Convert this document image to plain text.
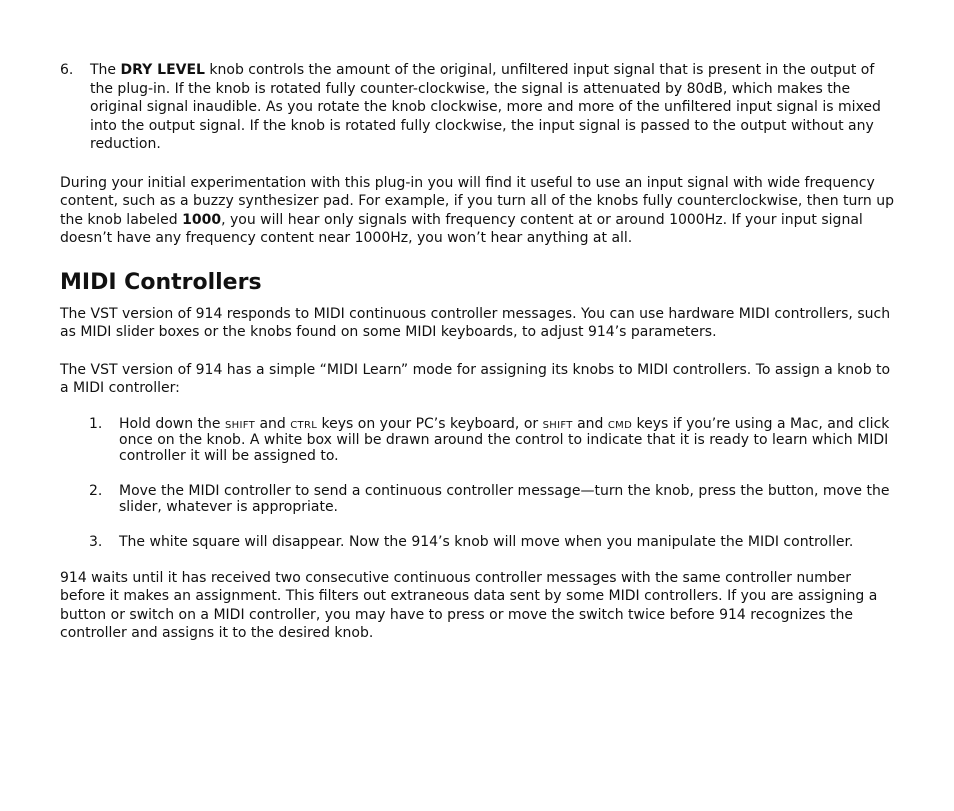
6. The DRY LEVEL knob controls the amount of the original, unfiltered input signal that is present in the output of the plug-in. If the knob is rotated fully counter-clockwise, the signal is attenuated by 80dB, which makes the original signal inaudible. As you rotate the knob clockwise, more and more of the unfiltered input signal is mixed into the output signal. If the knob is rotated fully clockwise, the input signal is passed to the output without any reduction.

During your initial experimentation with this plug-in you will find it useful to use an input signal with wide frequency content, such as a buzzy synthesizer pad. For example, if you turn all of the knobs fully counterclockwise, then turn up the knob labeled 1000, you will hear only signals with frequency content at or around 1000Hz. If your input signal doesn’t have any frequency content near 1000Hz, you won’t hear anything at all.

MIDI Controllers

The VST version of 914 responds to MIDI continuous controller messages. You can use hardware MIDI controllers, such as MIDI slider boxes or the knobs found on some MIDI keyboards, to adjust 914’s parameters.

The VST version of 914 has a simple “MIDI Learn” mode for assigning its knobs to MIDI controllers. To assign a knob to a MIDI controller:

1. Hold down the SHIFT and CTRL keys on your PC’s keyboard, or SHIFT and CMD keys if you’re using a Mac, and click once on the knob. A white box will be drawn around the control to indicate that it is ready to learn which MIDI controller it will be assigned to.
2. Move the MIDI controller to send a continuous controller message—turn the knob, press the button, move the slider, whatever is appropriate.
3. The white square will disappear. Now the 914’s knob will move when you manipulate the MIDI controller.

914 waits until it has received two consecutive continuous controller messages with the same controller number before it makes an assignment. This filters out extraneous data sent by some MIDI controllers. If you are assigning a button or switch on a MIDI controller, you may have to press or move the switch twice before 914 recognizes the controller and assigns it to the desired knob.
